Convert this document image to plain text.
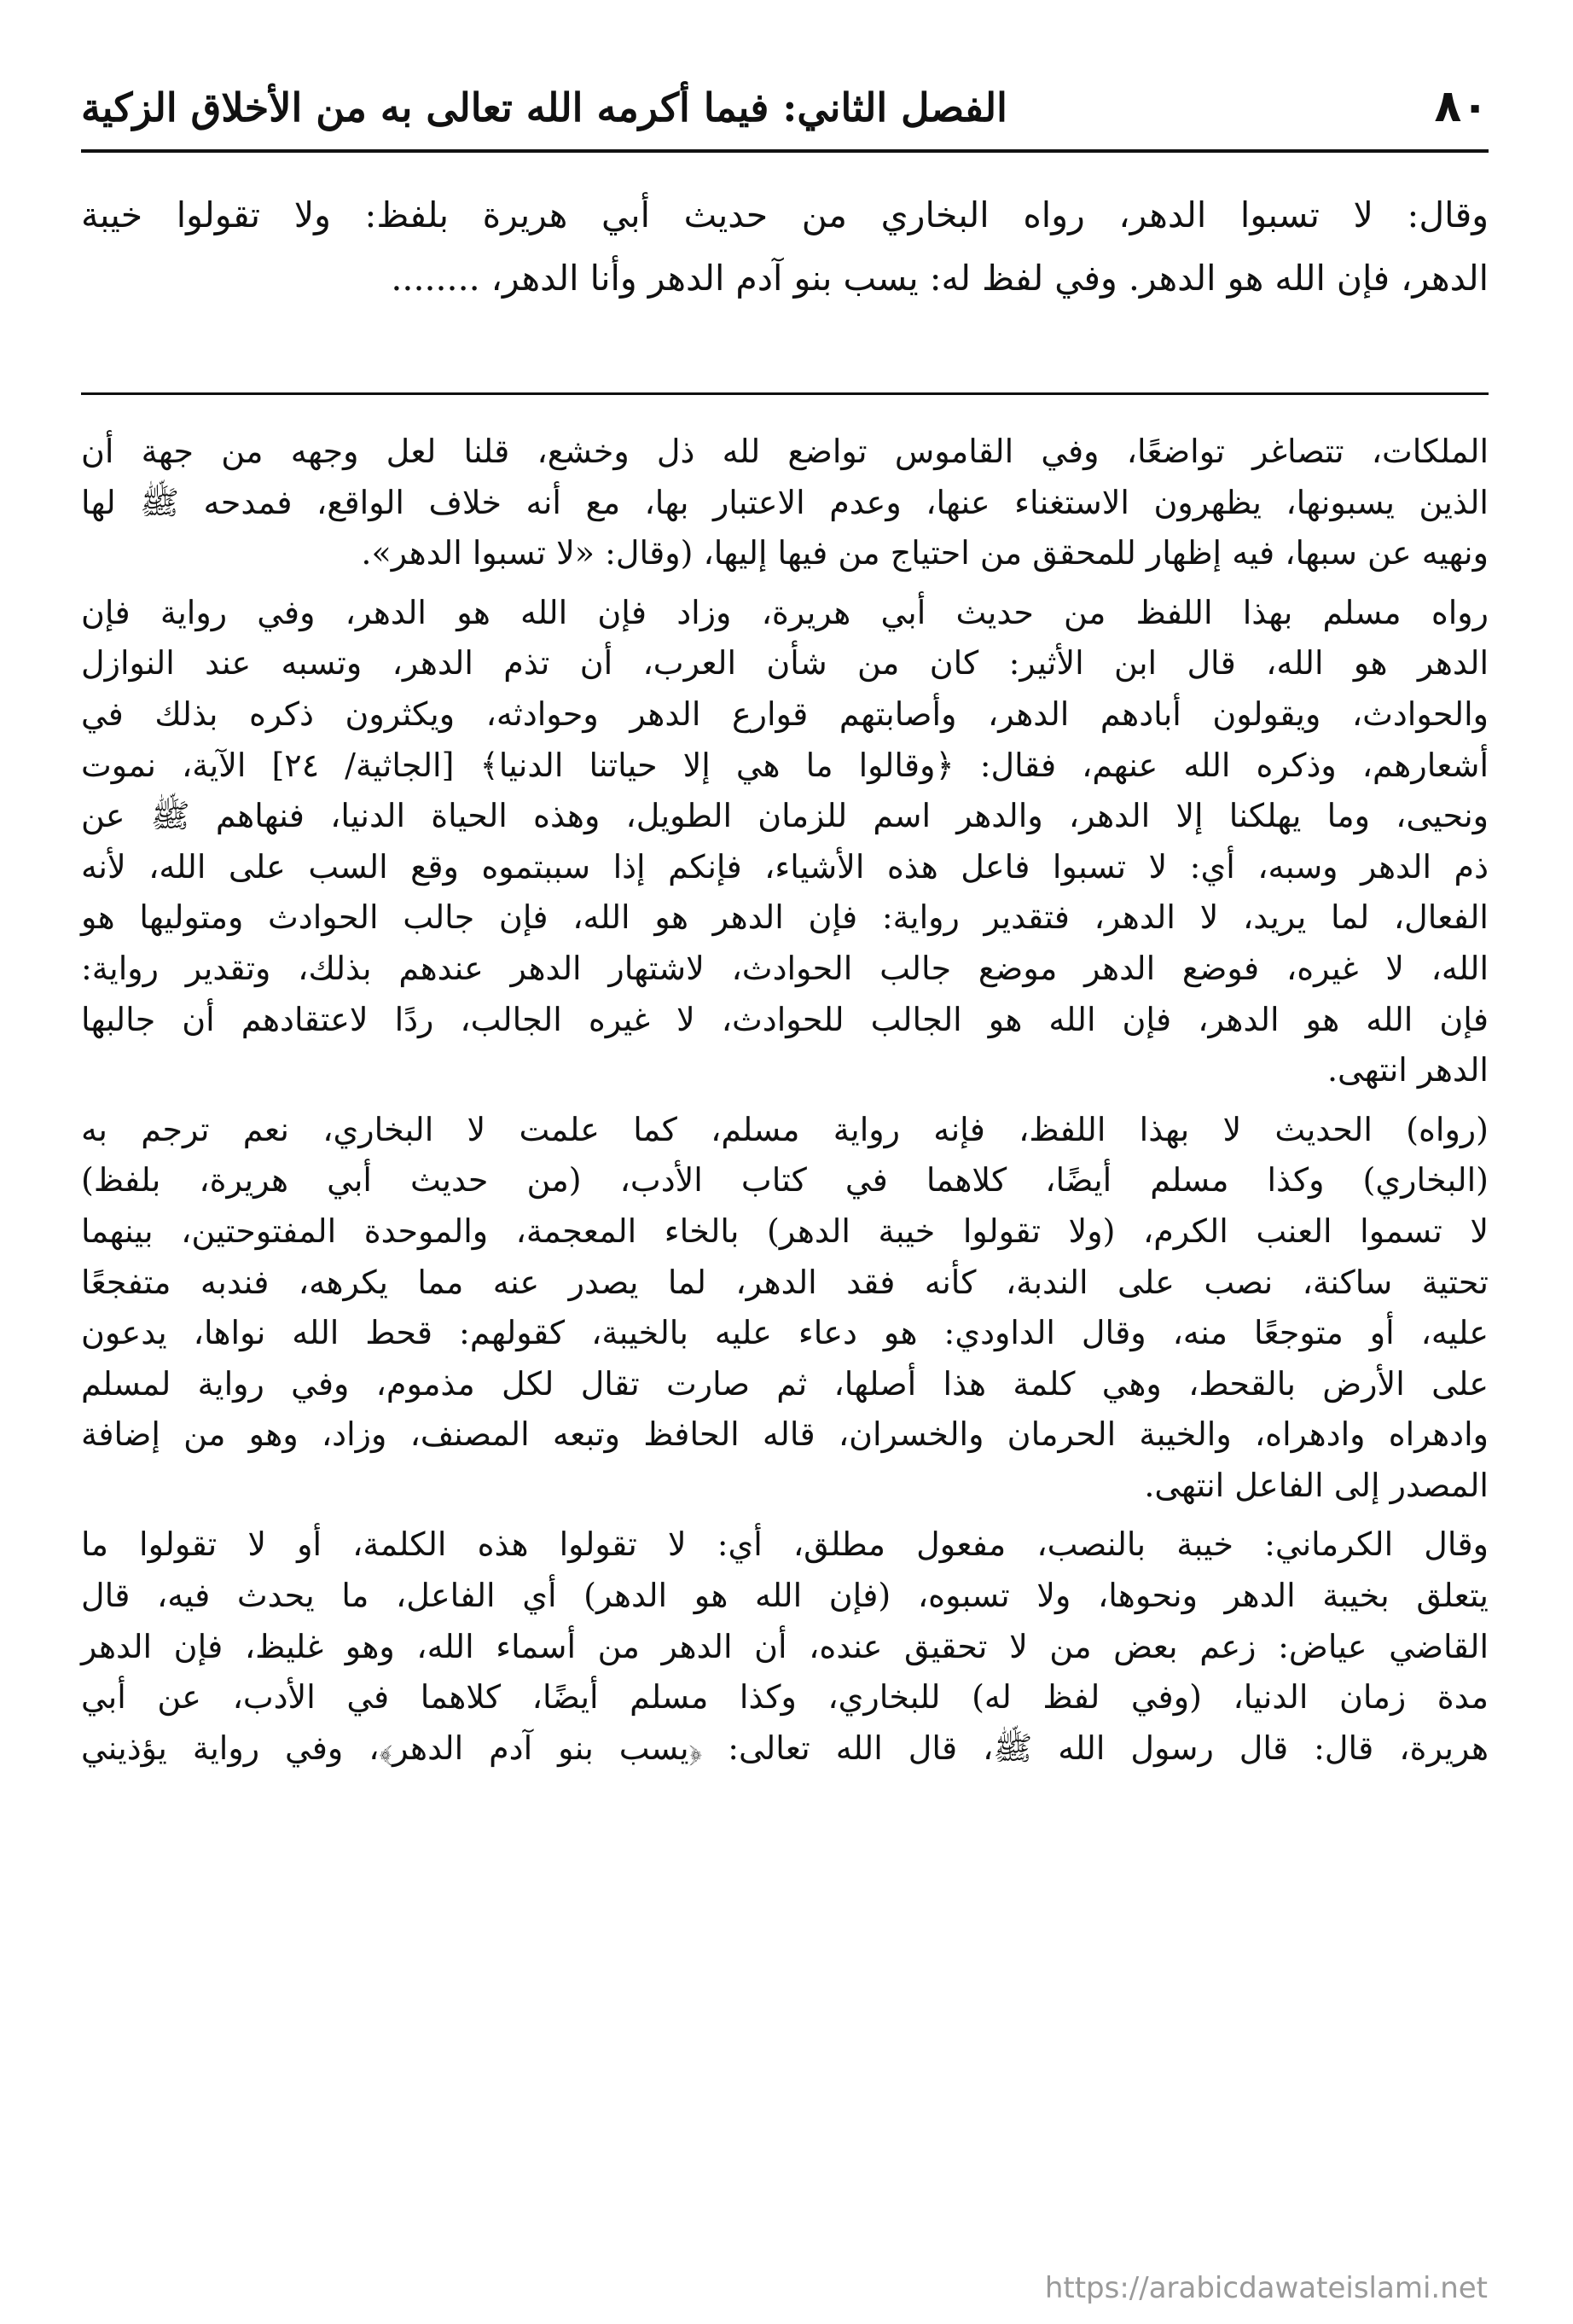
٨٠
الفصل الثاني: فيما أكرمه الله تعالى به من الأخلاق الزكية
وقال: لا تسبوا الدهر، رواه البخاري من حديث أبي هريرة بلفظ: ولا تقولوا خيبة
الدهر، فإن الله هو الدهر. وفي لفظ له: يسب بنو آدم الدهر وأنا الدهر، ........

الملكات، تتصاغر تواضعًا، وفي القاموس تواضع لله ذل وخشع، قلنا لعل وجهه من جهة أن
الذين يسبونها، يظهرون الاستغناء عنها، وعدم الاعتبار بها، مع أنه خلاف الواقع، فمدحه ﷺ لها
ونهيه عن سبها، فيه إظهار للمحقق من احتياج من فيها إليها، (وقال: «لا تسبوا الدهر».

رواه مسلم بهذا اللفظ من حديث أبي هريرة، وزاد فإن الله هو الدهر، وفي رواية فإن
الدهر هو الله، قال ابن الأثير: كان من شأن العرب، أن تذم الدهر، وتسبه عند النوازل
والحوادث، ويقولون أبادهم الدهر، وأصابتهم قوارع الدهر وحوادثه، ويكثرون ذكره بذلك في
أشعارهم، وذكره الله عنهم، فقال: ﴿وقالوا ما هي إلا حياتنا الدنيا﴾ [الجاثية/ ٢٤] الآية، نموت
ونحيى، وما يهلكنا إلا الدهر، والدهر اسم للزمان الطويل، وهذه الحياة الدنيا، فنهاهم ﷺ عن
ذم الدهر وسبه، أي: لا تسبوا فاعل هذه الأشياء، فإنكم إذا سببتموه وقع السب على الله، لأنه
الفعال، لما يريد، لا الدهر، فتقدير رواية: فإن الدهر هو الله، فإن جالب الحوادث ومتوليها هو
الله، لا غيره، فوضع الدهر موضع جالب الحوادث، لاشتهار الدهر عندهم بذلك، وتقدير رواية:
فإن الله هو الدهر، فإن الله هو الجالب للحوادث، لا غيره الجالب، ردًا لاعتقادهم أن جالبها
الدهر انتهى.

(رواه) الحديث لا بهذا اللفظ، فإنه رواية مسلم، كما علمت لا البخاري، نعم ترجم به
(البخاري) وكذا مسلم أيضًا، كلاهما في كتاب الأدب، (من حديث أبي هريرة، بلفظ)
لا تسموا العنب الكرم، (ولا تقولوا خيبة الدهر) بالخاء المعجمة، والموحدة المفتوحتين، بينهما
تحتية ساكنة، نصب على الندبة، كأنه فقد الدهر، لما يصدر عنه مما يكرهه، فندبه متفجعًا
عليه، أو متوجعًا منه، وقال الداودي: هو دعاء عليه بالخيبة، كقولهم: قحط الله نواها، يدعون
على الأرض بالقحط، وهي كلمة هذا أصلها، ثم صارت تقال لكل مذموم، وفي رواية لمسلم
وادهراه وادهراه، والخيبة الحرمان والخسران، قاله الحافظ وتبعه المصنف، وزاد، وهو من إضافة
المصدر إلى الفاعل انتهى.

وقال الكرماني: خيبة بالنصب، مفعول مطلق، أي: لا تقولوا هذه الكلمة، أو لا تقولوا ما
يتعلق بخيبة الدهر ونحوها، ولا تسبوه، (فإن الله هو الدهر) أي الفاعل، ما يحدث فيه، قال
القاضي عياض: زعم بعض من لا تحقيق عنده، أن الدهر من أسماء الله، وهو غليظ، فإن الدهر
مدة زمان الدنيا، (وفي لفظ له) للبخاري، وكذا مسلم أيضًا، كلاهما في الأدب، عن أبي
هريرة، قال: قال رسول الله ﷺ، قال الله تعالى: ﴿يسب بنو آدم الدهر﴾، وفي رواية يؤذيني

https://arabicdawateislami.net
